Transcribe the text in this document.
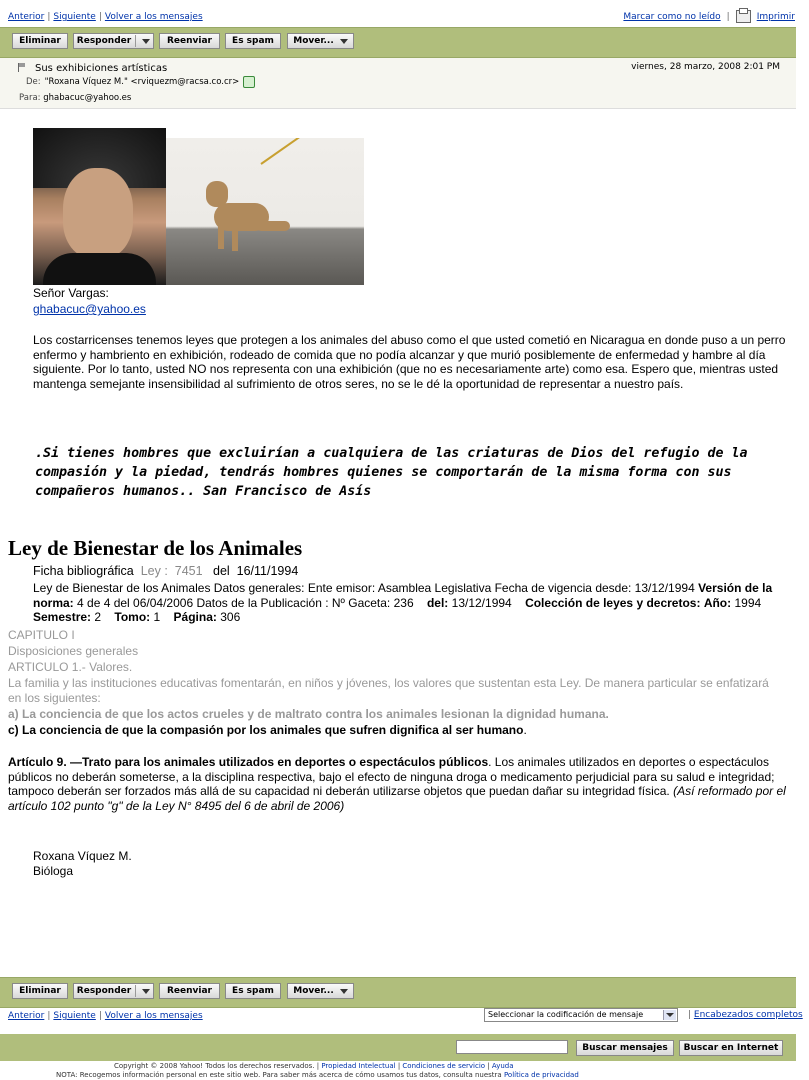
Anterior | Siguiente | Volver a los mensajes	Marcar como no leído |	Imprimir
Eliminar Responder	Reenviar Es spam Mover...
Sus exhibiciones artísticas	viernes, 28 marzo, 2008 2:01 PM
De: "Roxana Víquez M." <rviquezm@racsa.co.cr>
Para: ghabacuc@yahoo.es
Señor Vargas:
ghabacuc@yahoo.es
Los costarricenses tenemos leyes que protegen a los animales del abuso como el que usted cometió en Nicaragua en donde puso a un perro enfermo y hambriento en exhibición, rodeado de comida que no podía alcanzar y que murió posiblemente de enfermedad y hambre al día siguiente. Por lo tanto, usted NO nos representa con una exhibición (que no es necesariamente arte) como esa. Espero que, mientras usted mantenga semejante insensibilidad al sufrimiento de otros seres, no se le dé la oportunidad de representar a nuestro país.
.Si tienes hombres que excluirían a cualquiera de las criaturas de Dios del refugio de la compasión y la piedad, tendrás hombres quienes se comportarán de la misma forma con sus compañeros humanos.. San Francisco de Asís
Ley de Bienestar de los Animales
Ficha bibliográfica Ley : 7451 del 16/11/1994
Ley de Bienestar de los Animales Datos generales: Ente emisor: Asamblea Legislativa Fecha de vigencia desde: 13/12/1994 Versión de la norma: 4 de 4 del 06/04/2006 Datos de la Publicación : Nº Gaceta: 236 del: 13/12/1994 Colección de leyes y decretos: Año: 1994    Semestre: 2 Tomo: 1 Página: 306
CAPITULO I
Disposiciones generales
ARTICULO 1.- Valores.
La familia y las instituciones educativas fomentarán, en niños y jóvenes, los valores que sustentan esta Ley. De manera particular se enfatizará en los siguientes:
a) La conciencia de que los actos crueles y de maltrato contra los animales lesionan la dignidad humana.
c) La conciencia de que la compasión por los animales que sufren dignifica al ser humano.
Artículo 9. —Trato para los animales utilizados en deportes o espectáculos públicos. Los animales utilizados en deportes o espectáculos públicos no deberán someterse, a la disciplina respectiva, bajo el efecto de ninguna droga o medicamento perjudicial para su salud e integridad; tampoco deberán ser forzados más allá de su capacidad ni deberán utilizarse objetos que puedan dañar su integridad física. (Así reformado por el artículo 102 punto "g" de la Ley N° 8495 del 6 de abril de 2006)
Roxana Víquez M.
Bióloga
Eliminar Responder	Reenviar Es spam Mover...
Anterior | Siguiente | Volver a los mensajes	Seleccionar la codificación de mensaje	| Encabezados completos
Buscar mensajes Buscar en Internet
Copyright © 2008 Yahoo! Todos los derechos reservados. | Propiedad Intelectual | Condiciones de servicio | Ayuda
NOTA: Recogemos información personal en este sitio web. Para saber más acerca de cómo usamos tus datos, consulta nuestra Política de privacidad
